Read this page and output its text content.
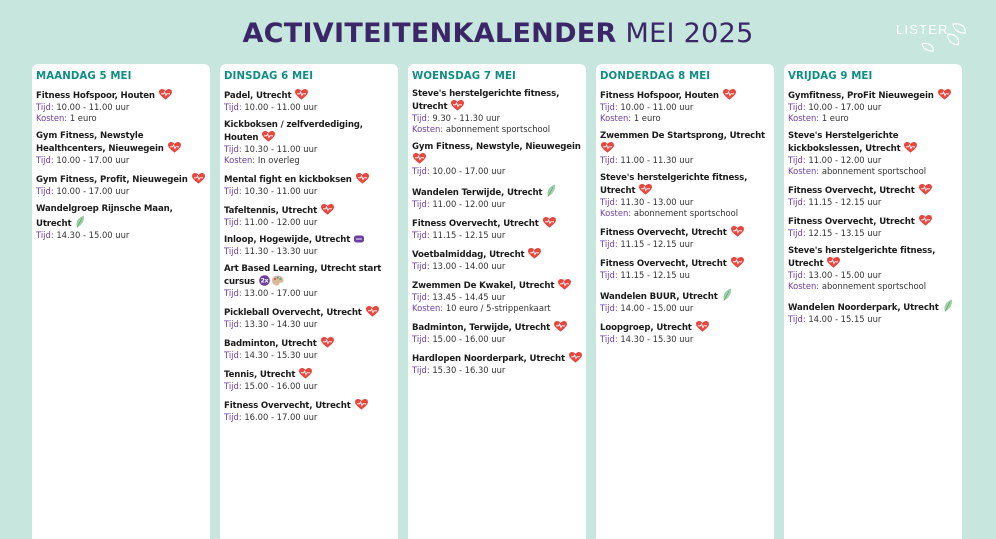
ACTIVITEITENKALENDER MEI 2025	LISTER
MAANDAG 5 MEI
Fitness Hofspoor, Houten
Tijd: 10.00 - 11.00 uur
Kosten: 1 euro
Gym Fitness, Newstyle Healthcenters, Nieuwegein
Tijd: 10.00 - 17.00 uur
Gym Fitness, Profit, Nieuwegein
Tijd: 10.00 - 17.00 uur
Wandelgroep Rijnsche Maan, Utrecht
Tijd: 14.30 - 15.00 uur
DINSDAG 6 MEI
Padel, Utrecht
Tijd: 10.00 - 11.00 uur
Kickboksen / zelfverdediging, Houten
Tijd: 10.30 - 11.00 uur
Kosten: In overleg
Mental fight en kickboksen
Tijd: 10.30 - 11.00 uur
Tafeltennis, Utrecht
Tijd: 11.00 - 12.00 uur
Inloop, Hogewijde, Utrecht
Tijd: 11.30 - 13.30 uur
Art Based Learning, Utrecht start cursus 2x
Tijd: 13.00 - 17.00 uur
Pickleball Overvecht, Utrecht
Tijd: 13.30 - 14.30 uur
Badminton, Utrecht
Tijd: 14.30 - 15.30 uur
Tennis, Utrecht
Tijd: 15.00 - 16.00 uur
Fitness Overvecht, Utrecht
Tijd: 16.00 - 17.00 uur
WOENSDAG 7 MEI
Steve's herstelgerichte fitness, Utrecht
Tijd: 9.30 - 11.30 uur
Kosten: abonnement sportschool
Gym Fitness, Newstyle, Nieuwegein
Tijd: 10.00 - 17.00 uur
Wandelen Terwijde, Utrecht
Tijd: 11.00 - 12.00 uur
Fitness Overvecht, Utrecht
Tijd: 11.15 - 12.15 uur
Voetbalmiddag, Utrecht
Tijd: 13.00 - 14.00 uur
Zwemmen De Kwakel, Utrecht
Tijd: 13.45 - 14.45 uur
Kosten: 10 euro / 5-strippenkaart
Badminton, Terwijde, Utrecht
Tijd: 15.00 - 16.00 uur
Hardlopen Noorderpark, Utrecht
Tijd: 15.30 - 16.30 uur
DONDERDAG 8 MEI
Fitness Hofspoor, Houten
Tijd: 10.00 - 11.00 uur
Kosten: 1 euro
Zwemmen De Startsprong, Utrecht
Tijd: 11.00 - 11.30 uur
Steve's herstelgerichte fitness, Utrecht
Tijd: 11.30 - 13.00 uur
Kosten: abonnement sportschool
Fitness Overvecht, Utrecht
Tijd: 11.15 - 12.15 uur
Fitness Overvecht, Utrecht
Tijd: 11.15 - 12.15 uu
Wandelen BUUR, Utrecht
Tijd: 14.00 - 15.00 uur
Loopgroep, Utrecht
Tijd: 14.30 - 15.30 uur
VRIJDAG 9 MEI
Gymfitness, ProFit Nieuwegein
Tijd: 10.00 - 17.00 uur
Kosten: 1 euro
Steve's Herstelgerichte kickbokslessen, Utrecht
Tijd: 11.00 - 12.00 uur
Kosten: abonnement sportschool
Fitness Overvecht, Utrecht
Tijd: 11.15 - 12.15 uur
Fitness Overvecht, Utrecht
Tijd: 12.15 - 13.15 uur
Steve's herstelgerichte fitness, Utrecht
Tijd: 13.00 - 15.00 uur
Kosten: abonnement sportschool
Wandelen Noorderpark, Utrecht
Tijd: 14.00 - 15.15 uur
